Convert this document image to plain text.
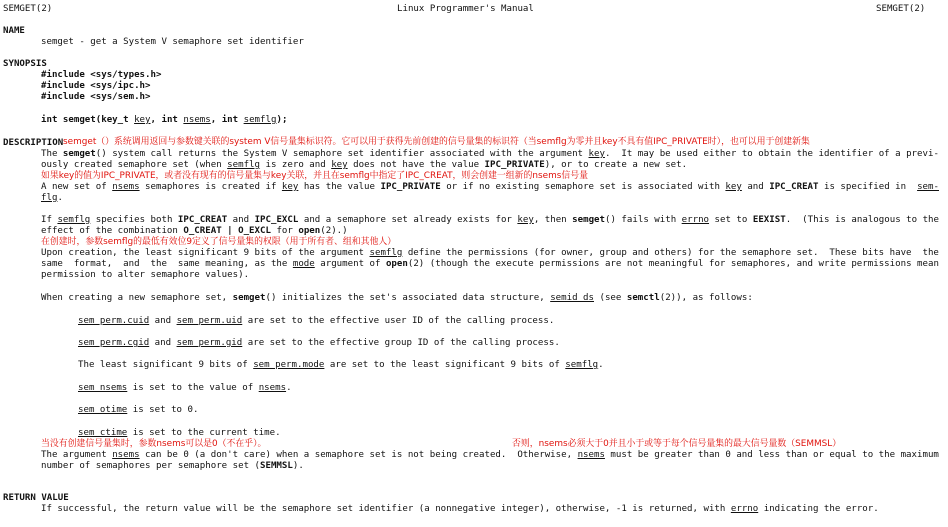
SEMGET(2)	Linux Programmer's Manual	SEMGET(2)
NAME
semget - get a System V semaphore set identifier
SYNOPSIS
#include <sys/types.h>
#include <sys/ipc.h>
#include <sys/sem.h>
int semget(key_t key, int nsems, int semflg);
DESCRIPTION semget（）系统调用返回与参数键关联的system V信号量集标识符。它可以用于获得先前创建的信号量集的标识符（当semflg为零并且key不具有值IPC_PRIVATE时），也可以用于创建新集
The semget() system call returns the System V semaphore set identifier associated with the argument key.  It may be used either to obtain the identifier of a previ-
ously created semaphore set (when semflg is zero and key does not have the value IPC_PRIVATE), or to create a new set.
如果key的值为IPC_PRIVATE，或者没有现有的信号量集与key关联，并且在semflg中指定了IPC_CREAT，则会创建一组新的nsems信号量
A new set of nsems semaphores is created if key has the value IPC_PRIVATE or if no existing semaphore set is associated with key and IPC_CREAT is specified in  sem-
flg.
If semflg specifies both IPC_CREAT and IPC_EXCL and a semaphore set already exists for key, then semget() fails with errno set to EEXIST.  (This is analogous to the
effect of the combination O_CREAT | O_EXCL for open(2).)
在创建时，参数semflg的最低有效位9定义了信号量集的权限（用于所有者、组和其他人）
Upon creation, the least significant 9 bits of the argument semflg define the permissions (for owner, group and others) for the semaphore set.  These bits have  the
same  format,  and  the  same meaning, as the mode argument of open(2) (though the execute permissions are not meaningful for semaphores, and write permissions mean
permission to alter semaphore values).
When creating a new semaphore set, semget() initializes the set's associated data structure, semid_ds (see semctl(2)), as follows:
sem_perm.cuid and sem_perm.uid are set to the effective user ID of the calling process.
sem_perm.cgid and sem_perm.gid are set to the effective group ID of the calling process.
The least significant 9 bits of sem_perm.mode are set to the least significant 9 bits of semflg.
sem_nsems is set to the value of nsems.
sem_otime is set to 0.
sem_ctime is set to the current time.
当没有创建信号量集时，参数nsems可以是0（不在乎）。	否则，nsems必须大于0并且小于或等于每个信号量集的最大信号量数（SEMMSL）
The argument nsems can be 0 (a don't care) when a semaphore set is not being created.  Otherwise, nsems must be greater than 0 and less than or equal to the maximum
number of semaphores per semaphore set (SEMMSL).
RETURN VALUE
If successful, the return value will be the semaphore set identifier (a nonnegative integer), otherwise, -1 is returned, with errno indicating the error.
